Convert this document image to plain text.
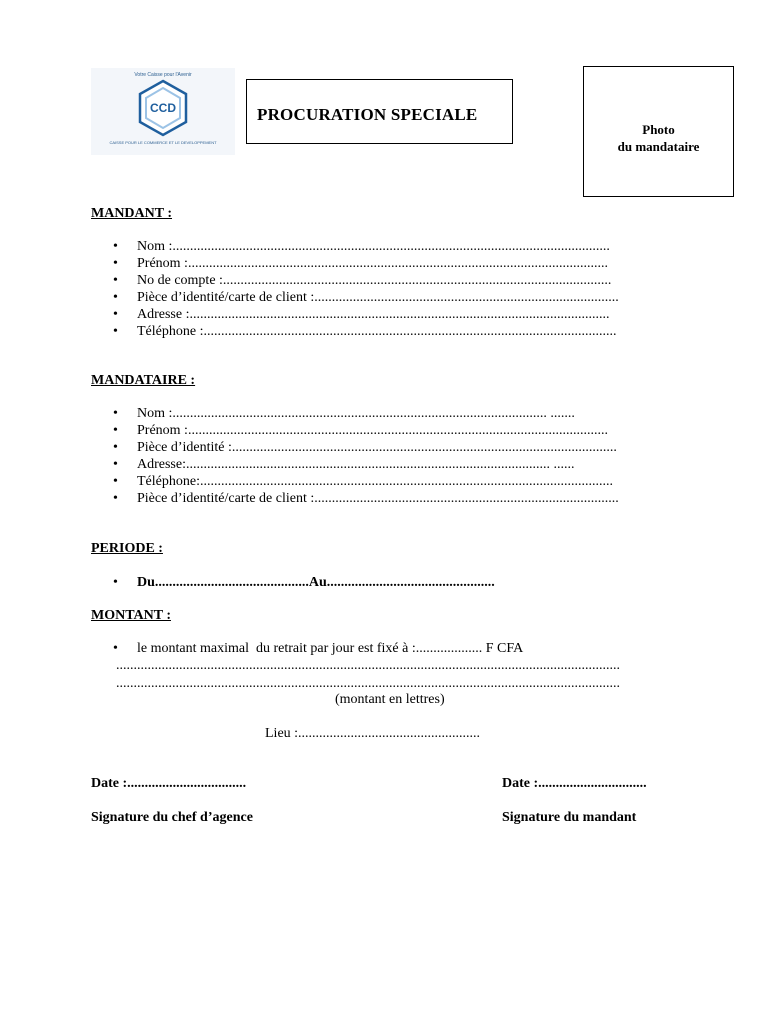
Votre Caisse pour l'Avenir
CCD
CAISSE POUR LE COMMERCE ET LE DEVELOPPEMENT
PROCURATION SPECIALE
Photo
du mandataire
MANDANT :
• Nom :.............................................................................................................................
• Prénom :........................................................................................................................
• No de compte :...............................................................................................................
• Pièce d’identité/carte de client :.......................................................................................
• Adresse :........................................................................................................................
• Téléphone :......................................................................................................................
MANDATAIRE :
• Nom :........................................................................................................... .......
• Prénom :........................................................................................................................
• Pièce d’identité :..............................................................................................................
• Adresse:........................................................................................................ ......
• Téléphone:......................................................................................................................
• Pièce d’identité/carte de client :.......................................................................................
PERIODE :
• Du............................................Au................................................
MONTANT :
• le montant maximal  du retrait par jour est fixé à :................... F CFA
................................................................................................................................................
................................................................................................................................................
(montant en lettres)
Lieu :....................................................
Date :..................................	Date :...............................
Signature du chef d’agence	Signature du mandant
